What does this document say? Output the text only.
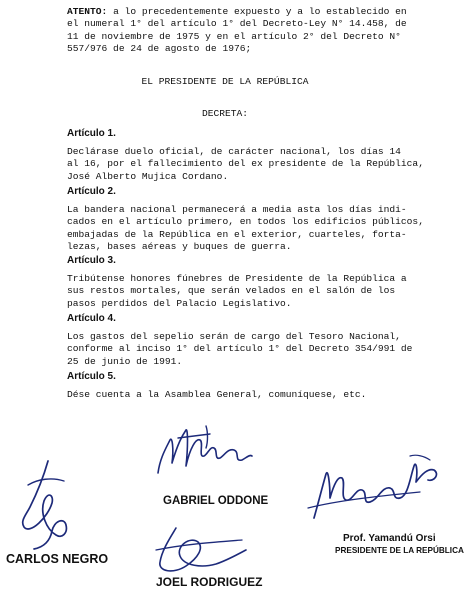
ATENTO: a lo precedentemente expuesto y a lo establecido en
el numeral 1° del artículo 1° del Decreto-Ley N° 14.458, de
11 de noviembre de 1975 y en el artículo 2° del Decreto N°
557/976 de 24 de agosto de 1976;

EL PRESIDENTE DE LA REPÚBLICA

DECRETA:

Artículo 1.

Declárase duelo oficial, de carácter nacional, los días 14
al 16, por el fallecimiento del ex presidente de la República,
José Alberto Mujica Cordano.

Artículo 2.

La bandera nacional permanecerá a media asta los días indi-
cados en el artículo primero, en todos los edificios públicos,
embajadas de la República en el exterior, cuarteles, forta-
lezas, bases aéreas y buques de guerra.

Artículo 3.

Tribútense honores fúnebres de Presidente de la República a
sus restos mortales, que serán velados en el salón de los
pasos perdidos del Palacio Legislativo.

Artículo 4.

Los gastos del sepelio serán de cargo del Tesoro Nacional,
conforme al inciso 1° del artículo 1° del Decreto 354/991 de
25 de junio de 1991.

Artículo 5.

Dése cuenta a la Asamblea General, comuníquese, etc.

GABRIEL ODDONE
CARLOS NEGRO
Prof. Yamandú Orsi
PRESIDENTE DE LA REPÚBLICA
JOEL RODRIGUEZ
